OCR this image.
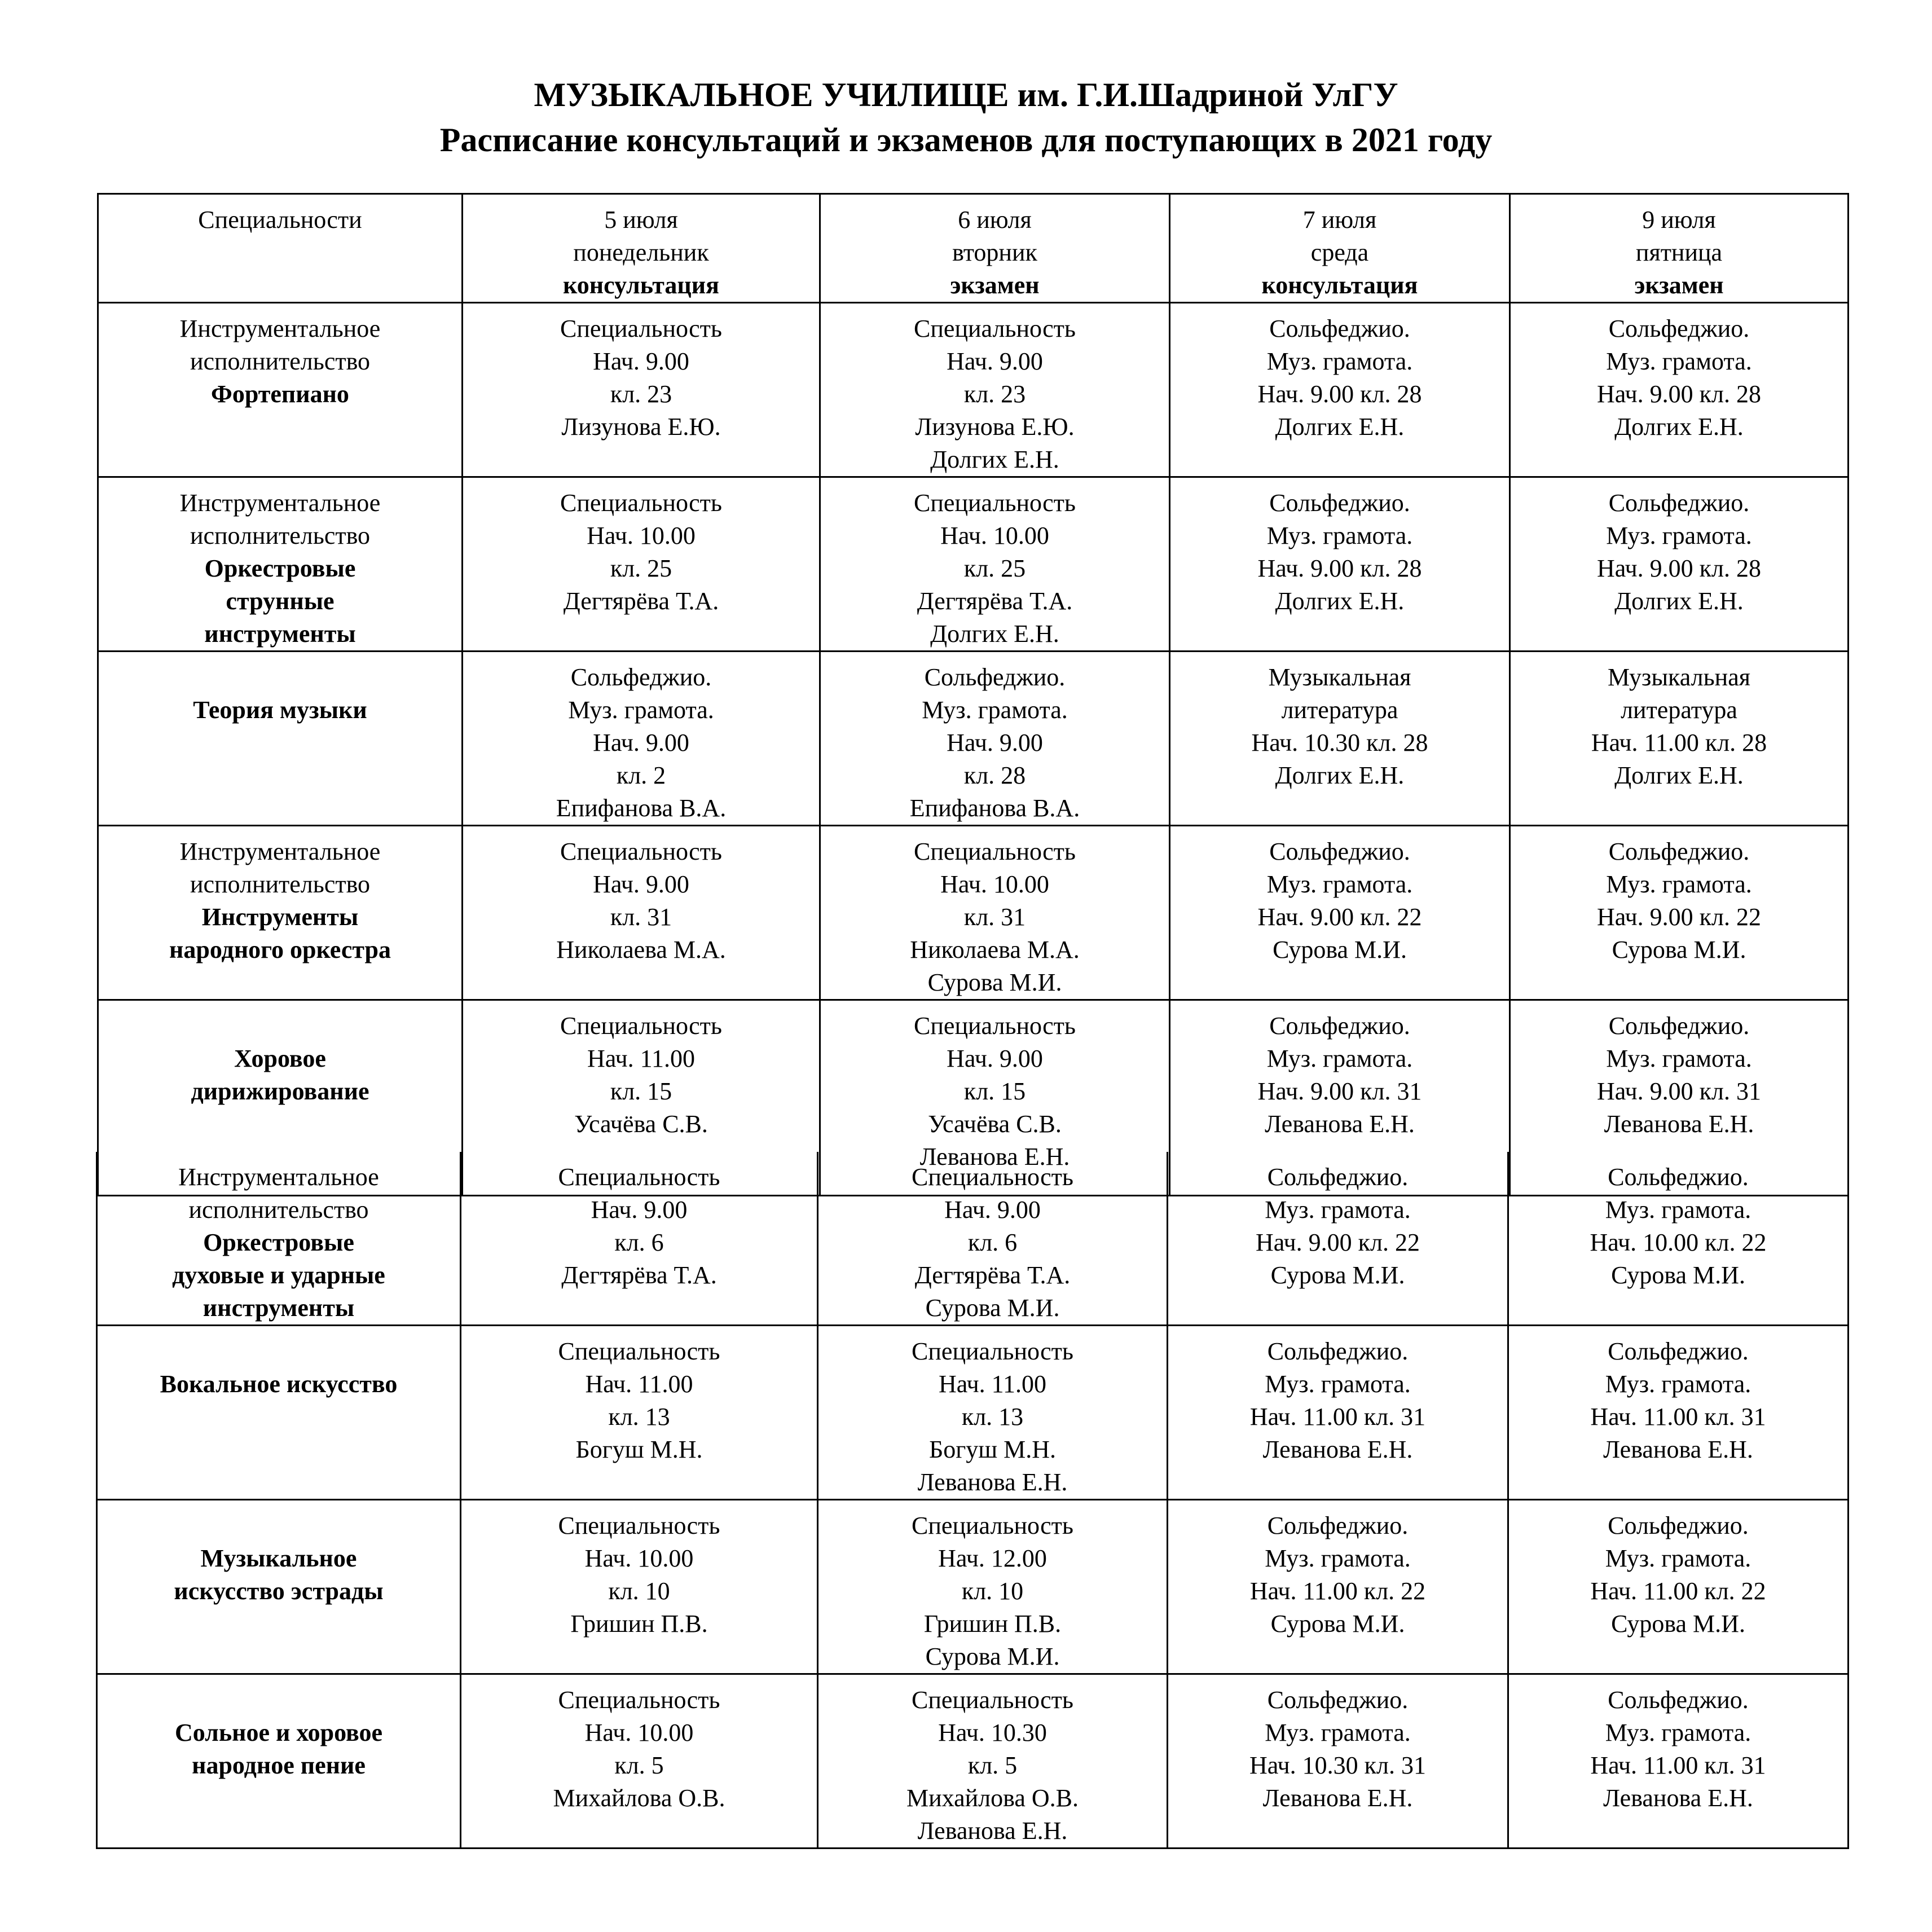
МУЗЫКАЛЬНОЕ УЧИЛИЩЕ им. Г.И.Шадриной УлГУ
Расписание консультаций и экзаменов для поступающих в 2021 году
Специальности	5 июля
понедельник
консультация	6 июля
вторник
экзамен	7 июля
среда
консультация	9 июля
пятница
экзамен

Инструментальное
исполнительство
Фортепиано	Специальность
Нач. 9.00
кл. 23
Лизунова Е.Ю.	Специальность
Нач. 9.00
кл. 23
Лизунова Е.Ю.
Долгих Е.Н.	Сольфеджио.
Муз. грамота.
Нач. 9.00 кл. 28
Долгих Е.Н.	Сольфеджио.
Муз. грамота.
Нач. 9.00 кл. 28
Долгих Е.Н.

Инструментальное
исполнительство
Оркестровые
струнные
инструменты	Специальность
Нач. 10.00
кл. 25
Дегтярёва Т.А.	Специальность
Нач. 10.00
кл. 25
Дегтярёва Т.А.
Долгих Е.Н.	Сольфеджио.
Муз. грамота.
Нач. 9.00 кл. 28
Долгих Е.Н.	Сольфеджио.
Муз. грамота.
Нач. 9.00 кл. 28
Долгих Е.Н.

Теория музыки	Сольфеджио.
Муз. грамота.
Нач. 9.00
кл. 2
Епифанова В.А.	Сольфеджио.
Муз. грамота.
Нач. 9.00
кл. 28
Епифанова В.А.	Музыкальная
литература
Нач. 10.30 кл. 28
Долгих Е.Н.	Музыкальная
литература
Нач. 11.00 кл. 28
Долгих Е.Н.

Инструментальное
исполнительство
Инструменты
народного оркестра	Специальность
Нач. 9.00
кл. 31
Николаева М.А.	Специальность
Нач. 10.00
кл. 31
Николаева М.А.
Сурова М.И.	Сольфеджио.
Муз. грамота.
Нач. 9.00 кл. 22
Сурова М.И.	Сольфеджио.
Муз. грамота.
Нач. 9.00 кл. 22
Сурова М.И.

Хоровое
дирижирование	Специальность
Нач. 11.00
кл. 15
Усачёва С.В.	Специальность
Нач. 9.00
кл. 15
Усачёва С.В.
Леванова Е.Н.	Сольфеджио.
Муз. грамота.
Нач. 9.00 кл. 31
Леванова Е.Н.	Сольфеджио.
Муз. грамота.
Нач. 9.00 кл. 31
Леванова Е.Н.
Инструментальное
исполнительство
Оркестровые
духовые и ударные
инструменты	Специальность
Нач. 9.00
кл. 6
Дегтярёва Т.А.	Специальность
Нач. 9.00
кл. 6
Дегтярёва Т.А.
Сурова М.И.	Сольфеджио.
Муз. грамота.
Нач. 9.00 кл. 22
Сурова М.И.	Сольфеджио.
Муз. грамота.
Нач. 10.00 кл. 22
Сурова М.И.

Вокальное искусство	Специальность
Нач. 11.00
кл. 13
Богуш М.Н.	Специальность
Нач. 11.00
кл. 13
Богуш М.Н.
Леванова Е.Н.	Сольфеджио.
Муз. грамота.
Нач. 11.00 кл. 31
Леванова Е.Н.	Сольфеджио.
Муз. грамота.
Нач. 11.00 кл. 31
Леванова Е.Н.

Музыкальное
искусство эстрады	Специальность
Нач. 10.00
кл. 10
Гришин П.В.	Специальность
Нач. 12.00
кл. 10
Гришин П.В.
Сурова М.И.	Сольфеджио.
Муз. грамота.
Нач. 11.00 кл. 22
Сурова М.И.	Сольфеджио.
Муз. грамота.
Нач. 11.00 кл. 22
Сурова М.И.

Сольное и хоровое
народное пение	Специальность
Нач. 10.00
кл. 5
Михайлова О.В.	Специальность
Нач. 10.30
кл. 5
Михайлова О.В.
Леванова Е.Н.	Сольфеджио.
Муз. грамота.
Нач. 10.30 кл. 31
Леванова Е.Н.	Сольфеджио.
Муз. грамота.
Нач. 11.00 кл. 31
Леванова Е.Н.
